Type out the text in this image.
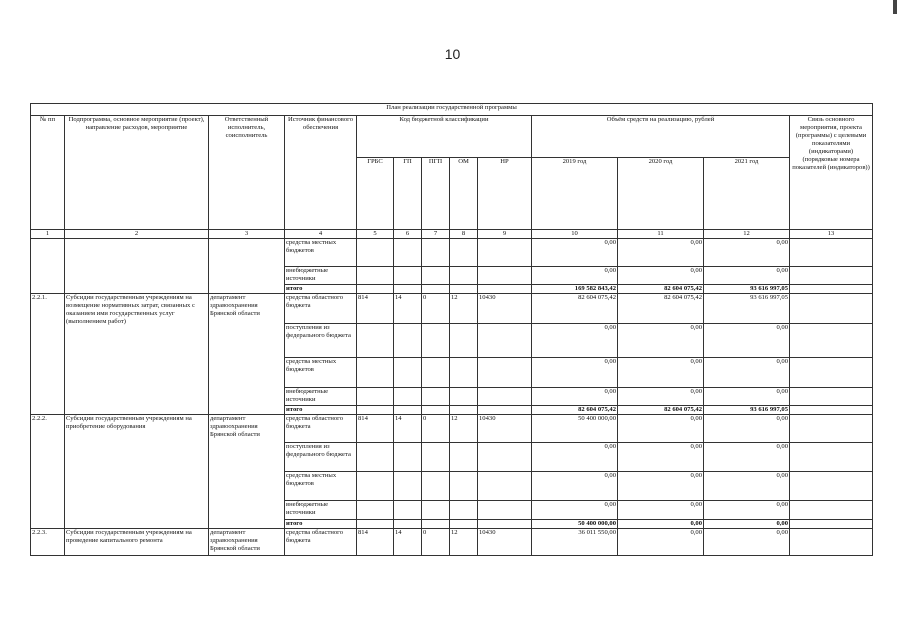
10
План реализации государственной программы												
№ пп	Подпрограмма, основное мероприятие (проект), направление расходов, мероприятие	Ответственный исполнитель, соисполнитель	Источник финансового обеспечения	Код бюджетной классификации					Объём средств на реализацию, рублей			Связь основного мероприятия, проекта (программы) с целевыми показателями (индикаторами) (порядковые номера показателей (индикаторов))
				ГРБС	ГП	ПГП	ОМ	НР	2019 год	2020 год	2021 год	
1	2	3	4	5	6	7	8	9	10	11	12	13
			средства местных бюджетов						0,00	0,00	0,00	
			внебюджетные источники						0,00	0,00	0,00	
			итого						169 582 843,42	82 604 075,42	93 616 997,05	
2.2.1.	Субсидии государственным учреждениям на возмещение нормативных затрат, связанных с оказанием ими государственных услуг (выполнением работ)	департамент здравоохранения Брянской области	средства областного бюджета	814	14	0	12	10430	82 604 075,42	82 604 075,42	93 616 997,05	
			поступления из федерального бюджета						0,00	0,00	0,00	
			средства местных бюджетов						0,00	0,00	0,00	
			внебюджетные источники						0,00	0,00	0,00	
			итого						82 604 075,42	82 604 075,42	93 616 997,05	
2.2.2.	Субсидии государственным учреждениям на приобретение оборудования	департамент здравоохранения Брянской области	средства областного бюджета	814	14	0	12	10430	50 400 000,00	0,00	0,00	
			поступления из федерального бюджета						0,00	0,00	0,00	
			средства местных бюджетов						0,00	0,00	0,00	
			внебюджетные источники						0,00	0,00	0,00	
			итого						50 400 000,00	0,00	0,00	
2.2.3.	Субсидии государственным учреждениям на проведение капитального ремонта	департамент здравоохранения Брянской области	средства областного бюджета	814	14	0	12	10430	36 011 550,00	0,00	0,00	
